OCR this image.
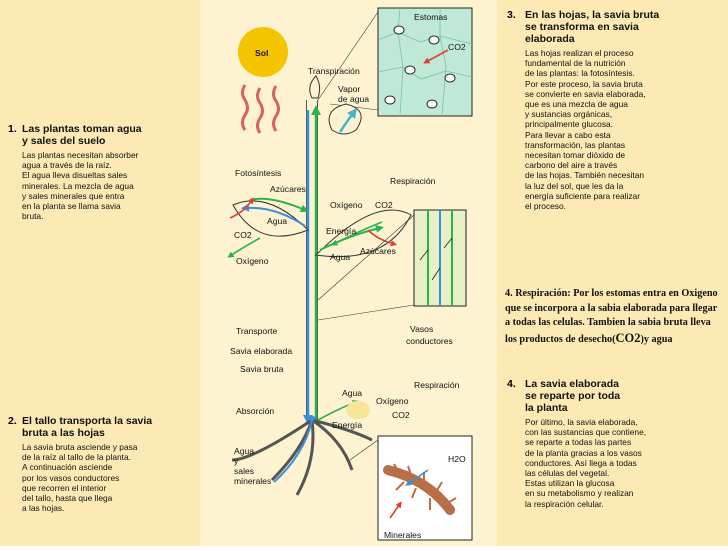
1. Las plantas toman agua
y sales del suelo
Las plantas necesitan absorber
agua a través de la raíz.
El agua lleva disueltas sales
minerales. La mezcla de agua
y sales minerales que entra
en la planta se llama savia
bruta.
2. El tallo transporta la savia
bruta a las hojas
La savia bruta asciende y pasa
de la raíz al tallo de la planta.
A continuación asciende
por los vasos conductores
que recorren el interior
del tallo, hasta que llega
a las hojas.
Sol
Estomas
CO2
Transpiración
Vapor de agua
Fotosíntesis
Azúcares
Agua
CO2
Oxígeno
Respiración
Oxígeno CO2
Energía
Agua
Azúcares
Transporte
Savia elaborada
Savia bruta
Vasos
conductores
Respiración
Absorción
Agua
Oxígeno
CO2
Energía
Agua
y
sales
minerales
H2O
Minerales
3. En las hojas, la savia bruta
se transforma en savia
elaborada
Las hojas realizan el proceso
fundamental de la nutrición
de las plantas: la fotosíntesis.
Por este proceso, la savia bruta
se convierte en savia elaborada,
que es una mezcla de agua
y sustancias orgánicas,
principalmente glucosa.
Para llevar a cabo esta
transformación, las plantas
necesitan tomar dióxido de
carbono del aire a través
de las hojas. También necesitan
la luz del sol, que les da la
energía suficiente para realizar
el proceso.
4. Respiración: Por los estomas entra en Oxigeno que se incorpora a la sabia elaborada para llegar a todas las celulas. Tambien la sabia bruta lleva los productos de desecho(CO2)y agua
4. La savia elaborada
se reparte por toda
la planta
Por último, la savia elaborada,
con las sustancias que contiene,
se reparte a todas las partes
de la planta gracias a los vasos
conductores. Así llega a todas
las células del vegetal.
Estas utilizan la glucosa
en su metabolismo y realizan
la respiración celular.
